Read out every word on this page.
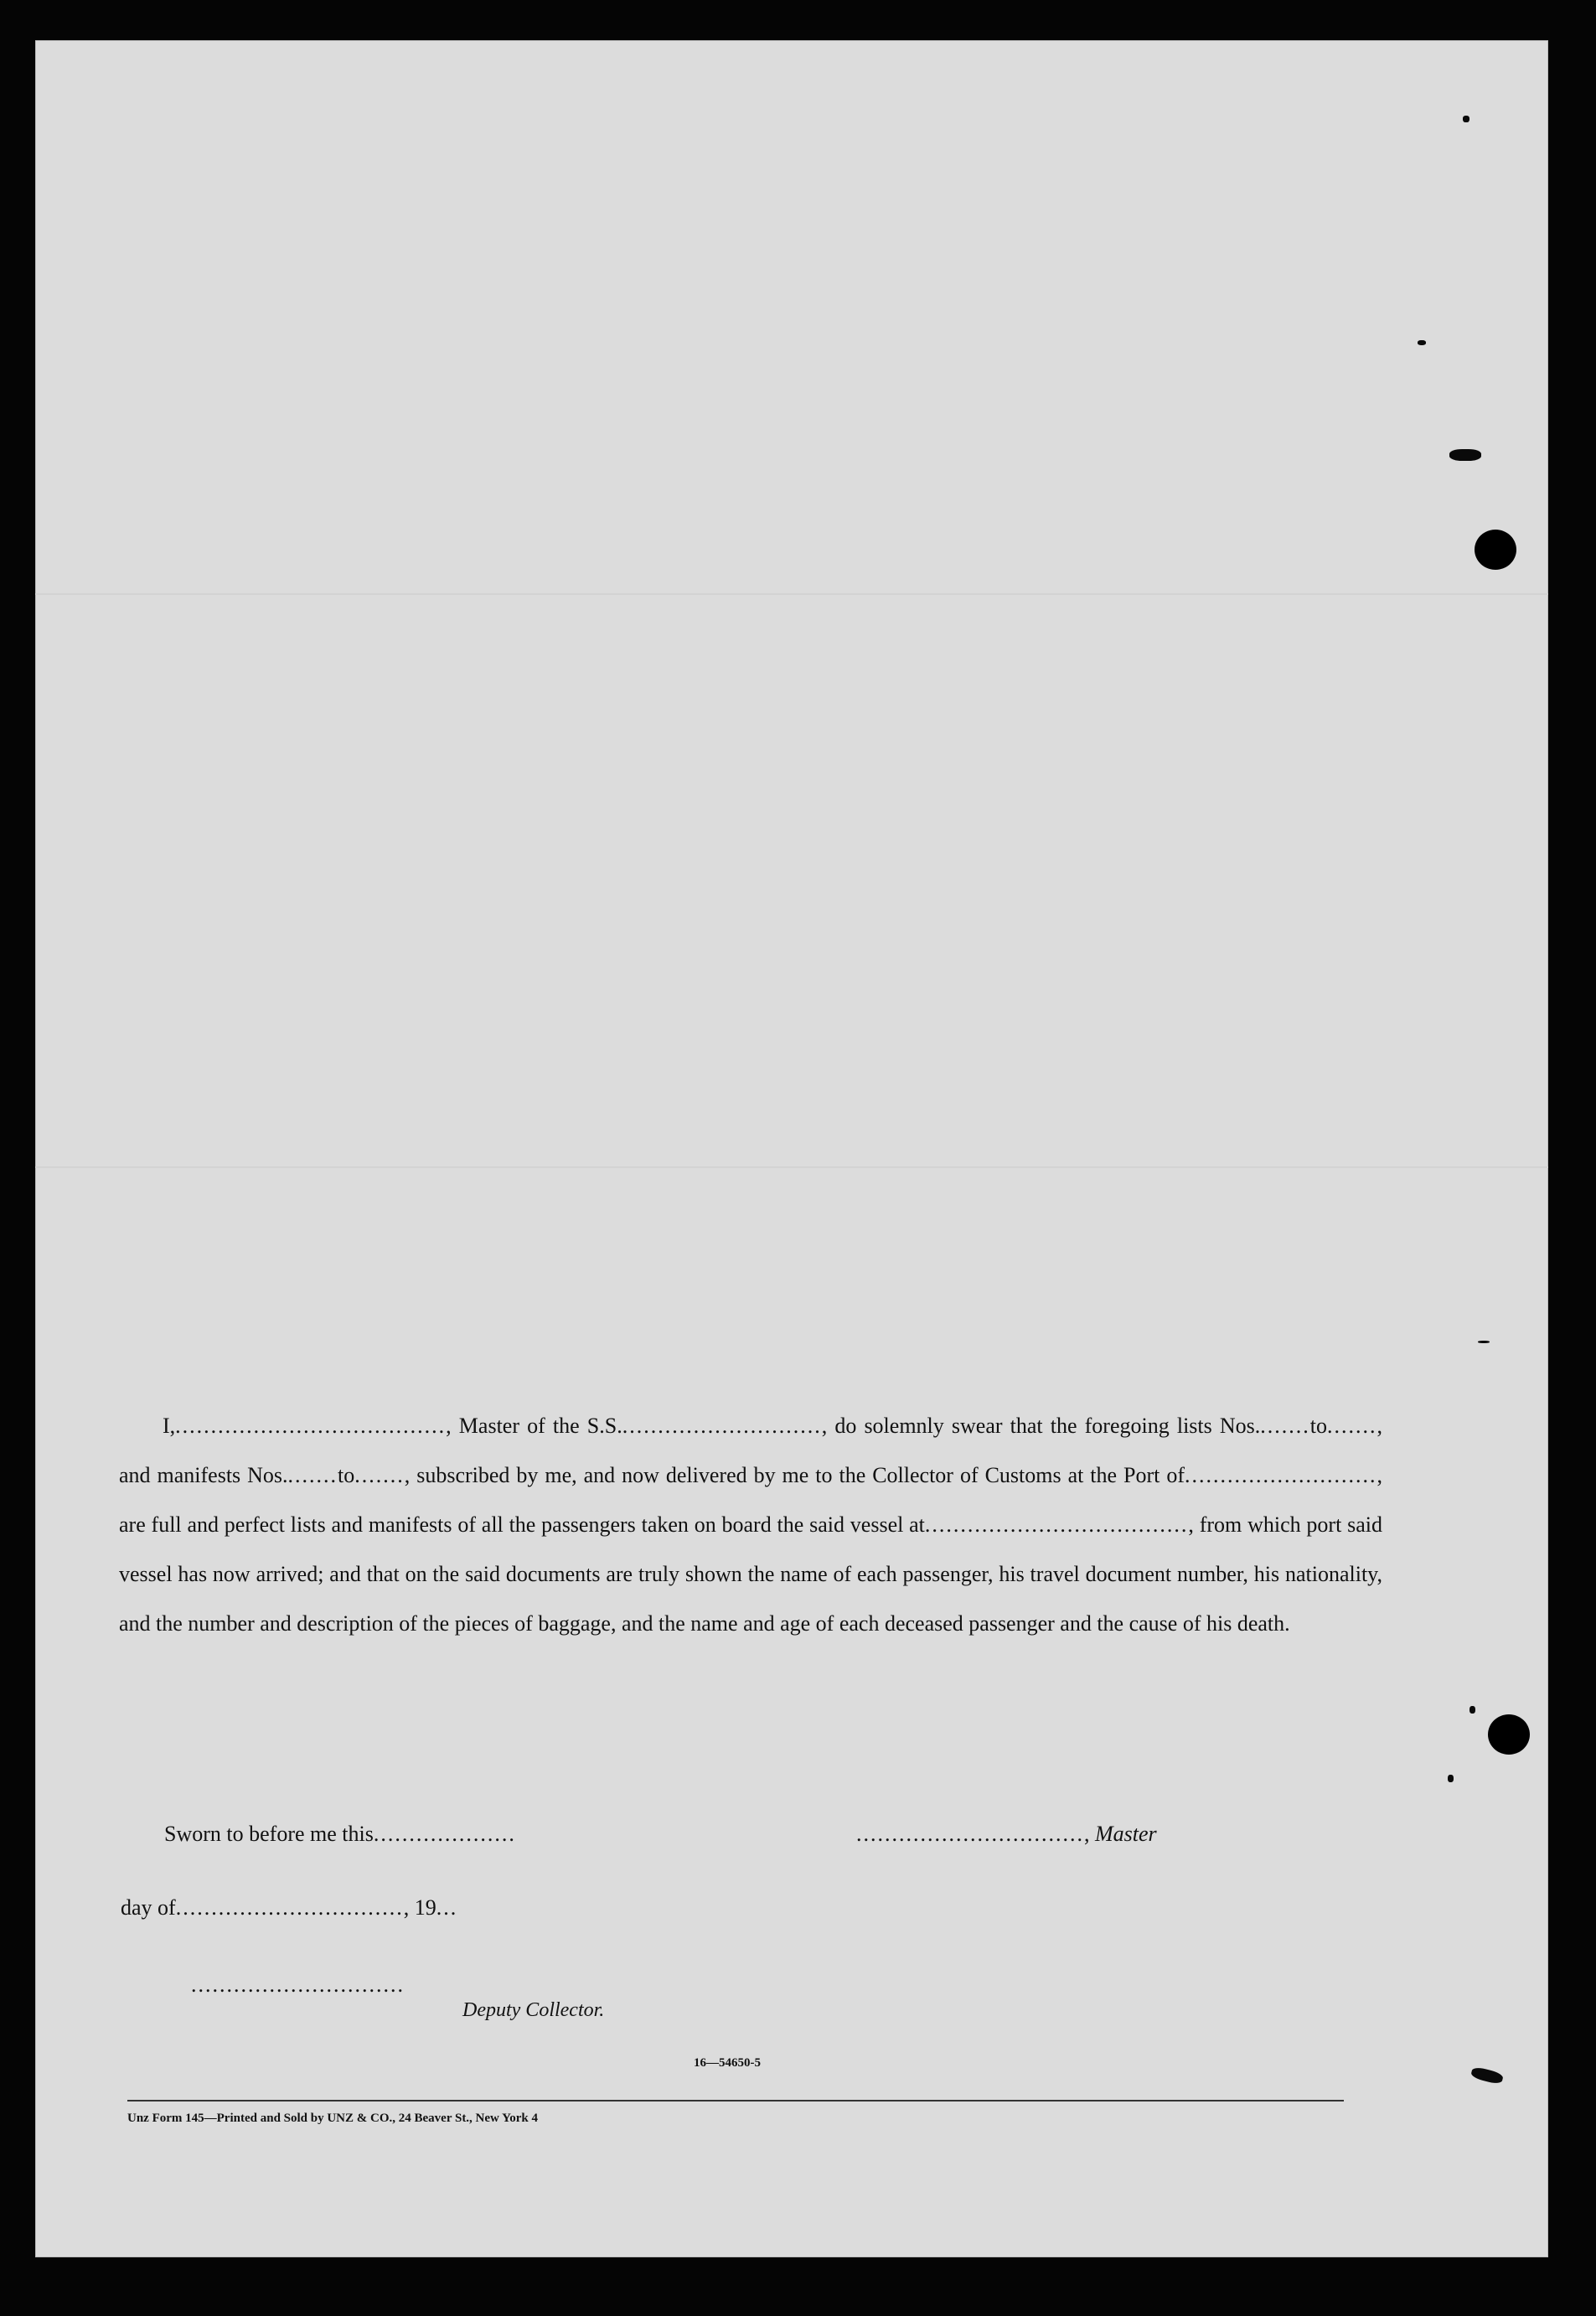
I,......................................, Master of the S.S............................., do solemnly swear that the foregoing lists Nos........to......., and manifests Nos........to......., subscribed by me, and now delivered by me to the Collector of Customs at the Port of..........................., are full and perfect lists and manifests of all the passengers taken on board the said vessel at....................................., from which port said vessel has now arrived; and that on the said documents are truly shown the name of each passenger, his travel document number, his nationality, and the number and description of the pieces of baggage, and the name and age of each deceased passenger and the cause of his death.

Sworn to before me this....................	................................, Master
day of................................, 19...
..............................
Deputy Collector.
16—54650-5
Unz Form 145—Printed and Sold by UNZ & CO., 24 Beaver St., New York 4
